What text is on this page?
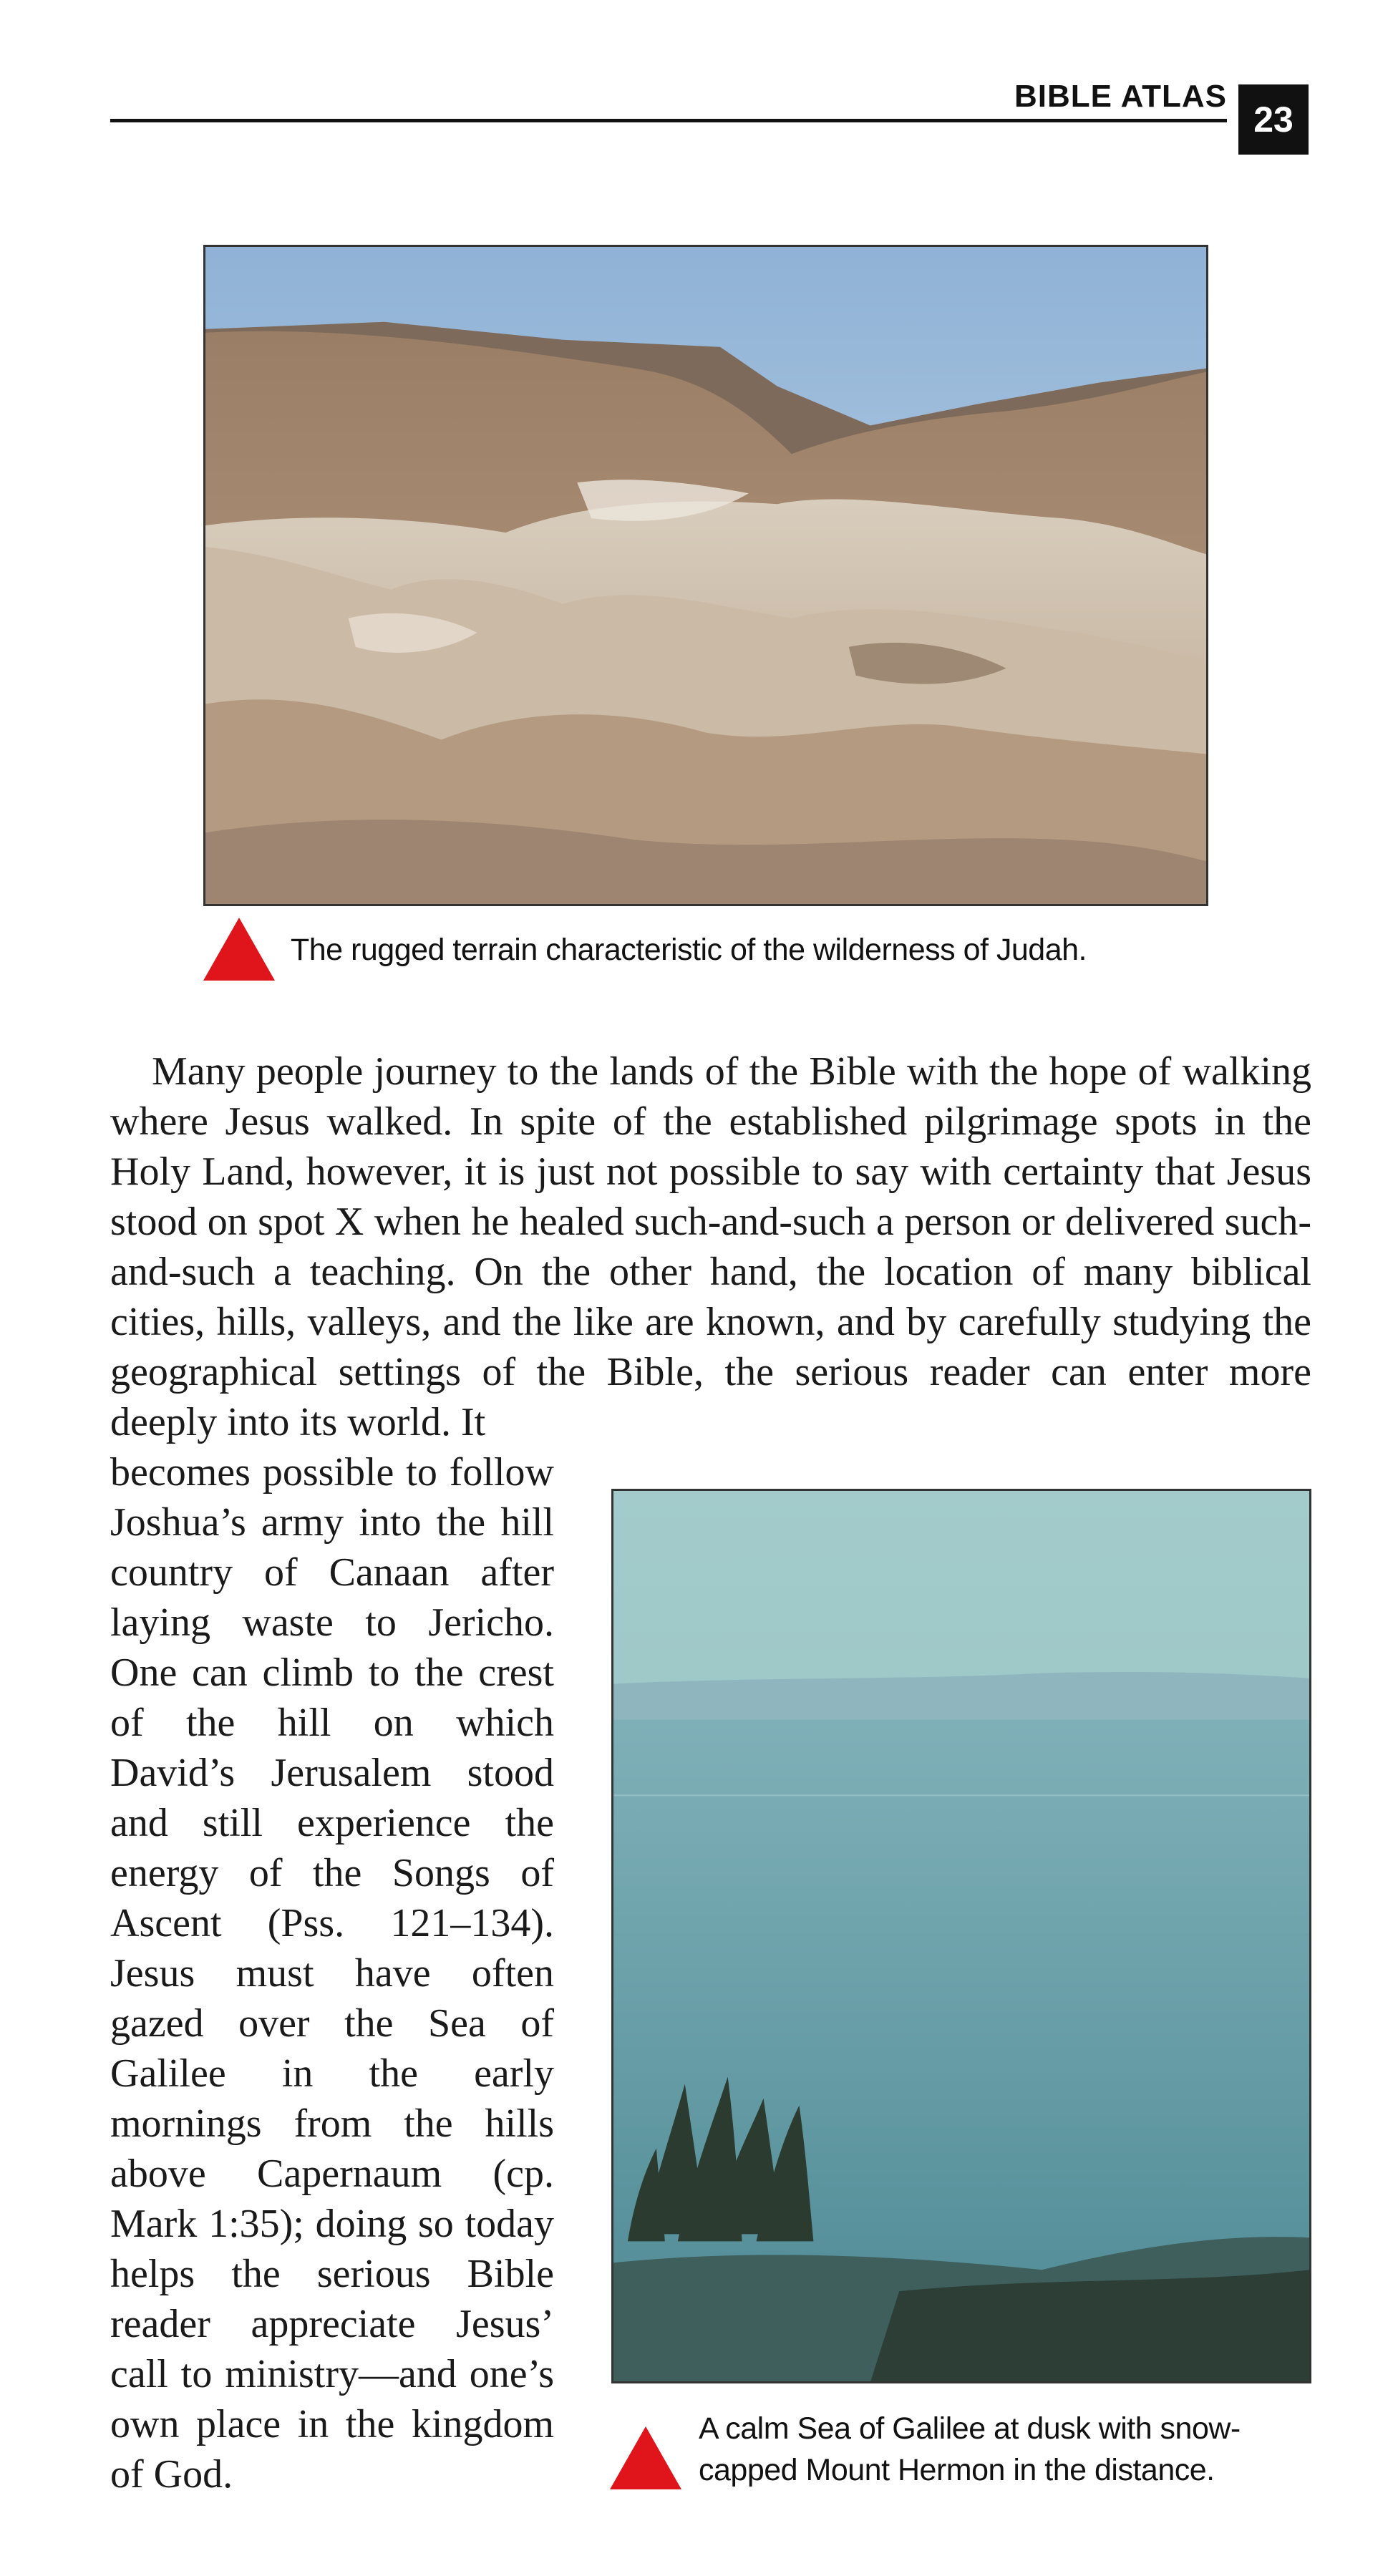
BIBLE ATLAS
23
The rugged terrain characteristic of the wilderness of Judah.

Many people journey to the lands of the Bible with the hope of walking where Jesus walked. In spite of the established pilgrimage spots in the Holy Land, however, it is just not possible to say with certainty that Jesus stood on spot X when he healed such-and-such a person or delivered such-and-such a teaching. On the other hand, the location of many biblical cities, hills, valleys, and the like are known, and by carefully studying the geographical settings of the Bible, the serious reader can enter more deeply into its world. It

becomes possible to follow Joshua’s army into the hill country of Canaan after laying waste to Jericho. One can climb to the crest of the hill on which David’s Jerusalem stood and still experience the energy of the Songs of Ascent (Pss. 121–134). Jesus must have often gazed over the Sea of Galilee in the early mornings from the hills above Capernaum (cp. Mark 1:35); doing so today helps the serious Bible reader appreciate Jesus’ call to ministry—and one’s own place in the kingdom of God.

A calm Sea of Galilee at dusk with snow-capped Mount Hermon in the distance.
